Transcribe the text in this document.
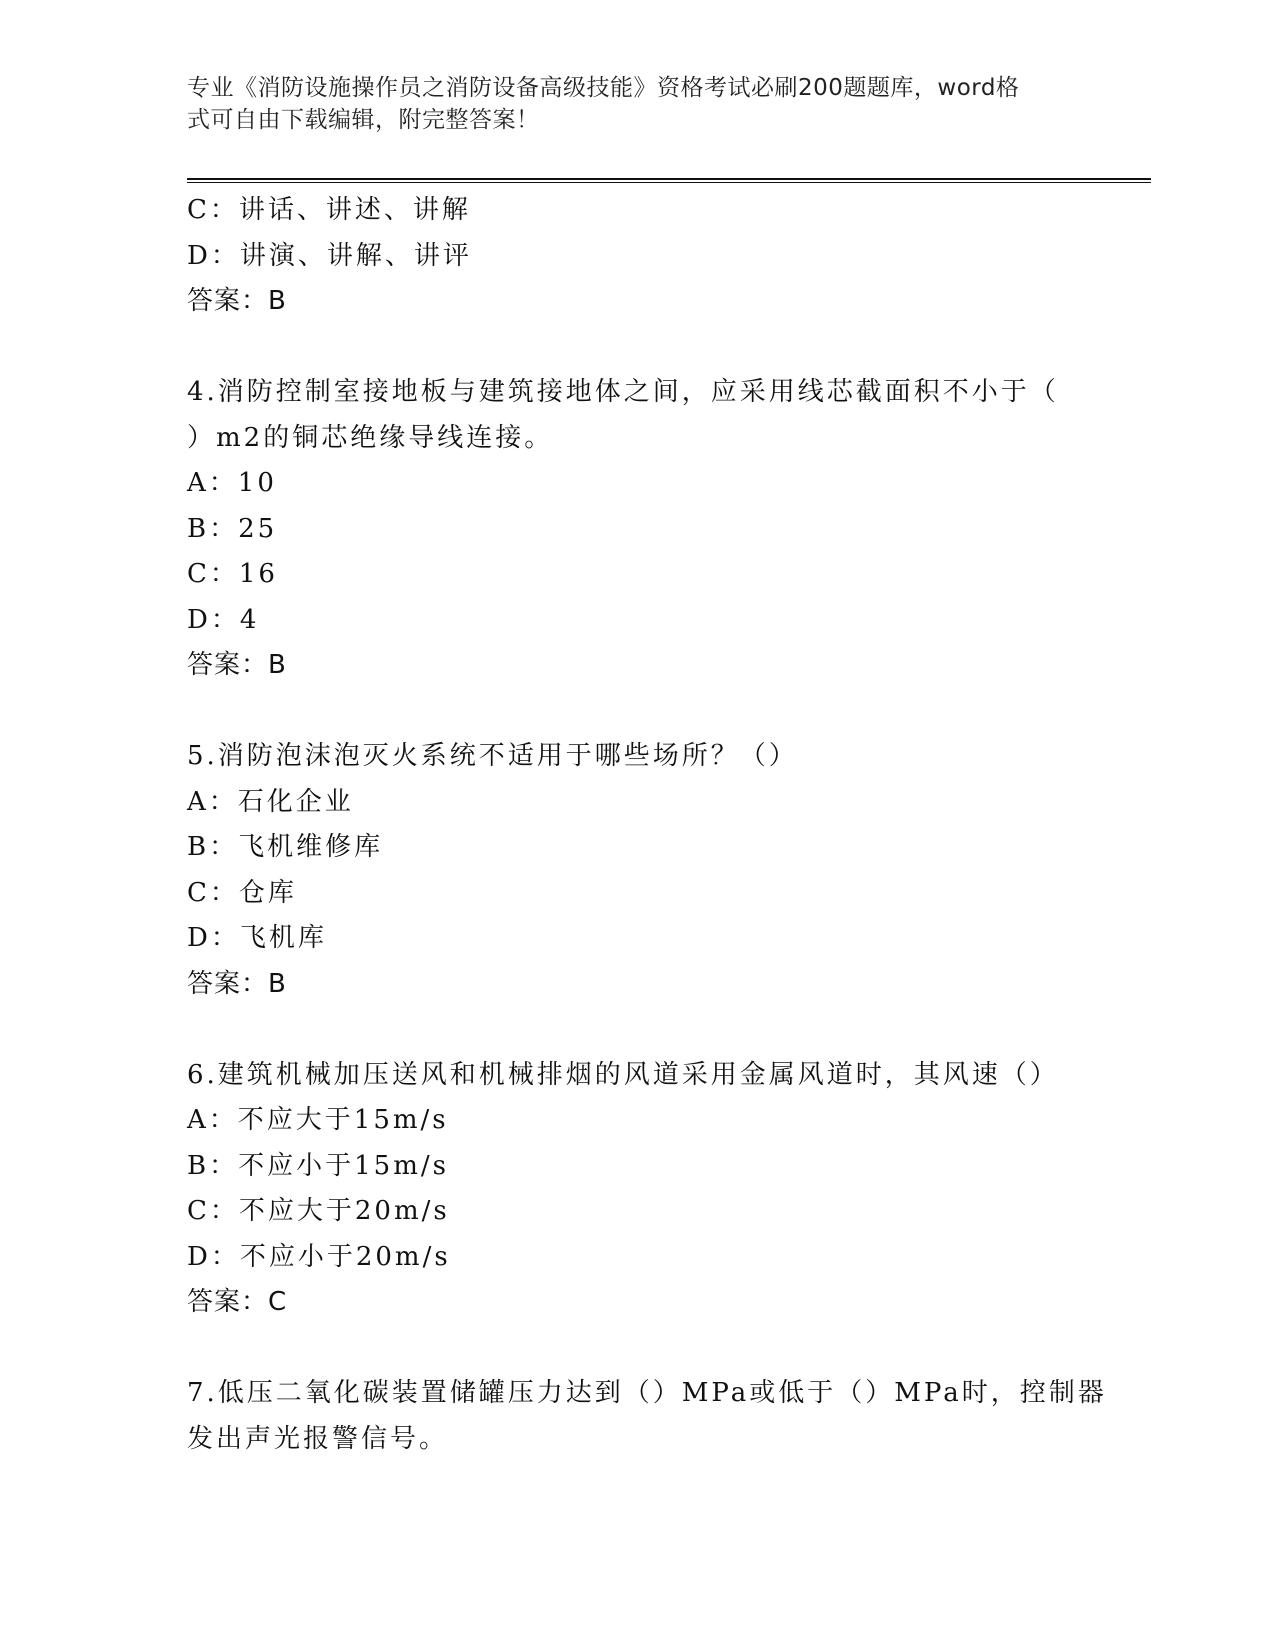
专业《消防设施操作员之消防设备高级技能》资格考试必刷200题题库，word格
式可自由下载编辑，附完整答案！
C：讲话、讲述、讲解
D：讲演、讲解、讲评
答案：B
4.消防控制室接地板与建筑接地体之间，应采用线芯截面积不小于（
）m2的铜芯绝缘导线连接。
A：10
B：25
C：16
D：4
答案：B
5.消防泡沫泡灭火系统不适用于哪些场所？（）
A：石化企业
B：飞机维修库
C：仓库
D：飞机库
答案：B
6.建筑机械加压送风和机械排烟的风道采用金属风道时，其风速（）
A：不应大于15m/s
B：不应小于15m/s
C：不应大于20m/s
D：不应小于20m/s
答案：C
7.低压二氧化碳装置储罐压力达到（）MPa或低于（）MPa时，控制器
发出声光报警信号。
